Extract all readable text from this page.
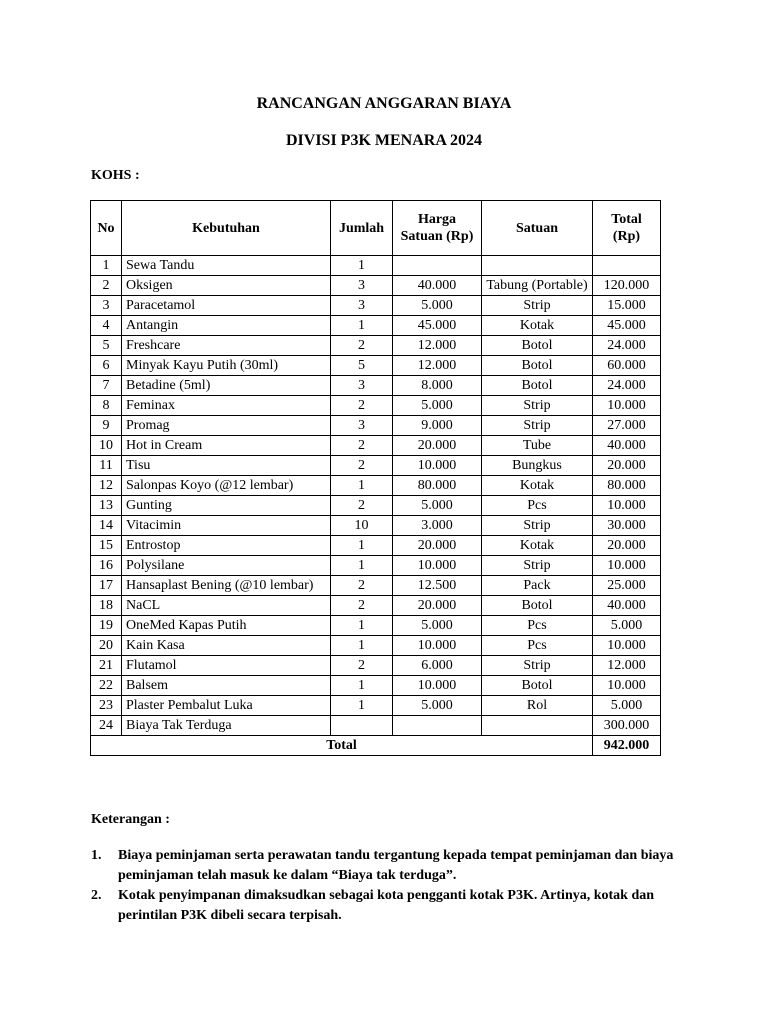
RANCANGAN ANGGARAN BIAYA
DIVISI P3K MENARA 2024
KOHS :
No	Kebutuhan	Jumlah	Harga Satuan (Rp)	Satuan	Total (Rp)
1	Sewa Tandu	1			
2	Oksigen	3	40.000	Tabung (Portable)	120.000
3	Paracetamol	3	5.000	Strip	15.000
4	Antangin	1	45.000	Kotak	45.000
5	Freshcare	2	12.000	Botol	24.000
6	Minyak Kayu Putih (30ml)	5	12.000	Botol	60.000
7	Betadine (5ml)	3	8.000	Botol	24.000
8	Feminax	2	5.000	Strip	10.000
9	Promag	3	9.000	Strip	27.000
10	Hot in Cream	2	20.000	Tube	40.000
11	Tisu	2	10.000	Bungkus	20.000
12	Salonpas Koyo (@12 lembar)	1	80.000	Kotak	80.000
13	Gunting	2	5.000	Pcs	10.000
14	Vitacimin	10	3.000	Strip	30.000
15	Entrostop	1	20.000	Kotak	20.000
16	Polysilane	1	10.000	Strip	10.000
17	Hansaplast Bening (@10 lembar)	2	12.500	Pack	25.000
18	NaCL	2	20.000	Botol	40.000
19	OneMed Kapas Putih	1	5.000	Pcs	5.000
20	Kain Kasa	1	10.000	Pcs	10.000
21	Flutamol	2	6.000	Strip	12.000
22	Balsem	1	10.000	Botol	10.000
23	Plaster Pembalut Luka	1	5.000	Rol	5.000
24	Biaya Tak Terduga				300.000
Total					942.000
Keterangan :
1. Biaya peminjaman serta perawatan tandu tergantung kepada tempat peminjaman dan biaya peminjaman telah masuk ke dalam “Biaya tak terduga”.
2. Kotak penyimpanan dimaksudkan sebagai kota pengganti kotak P3K. Artinya, kotak dan perintilan P3K dibeli secara terpisah.
